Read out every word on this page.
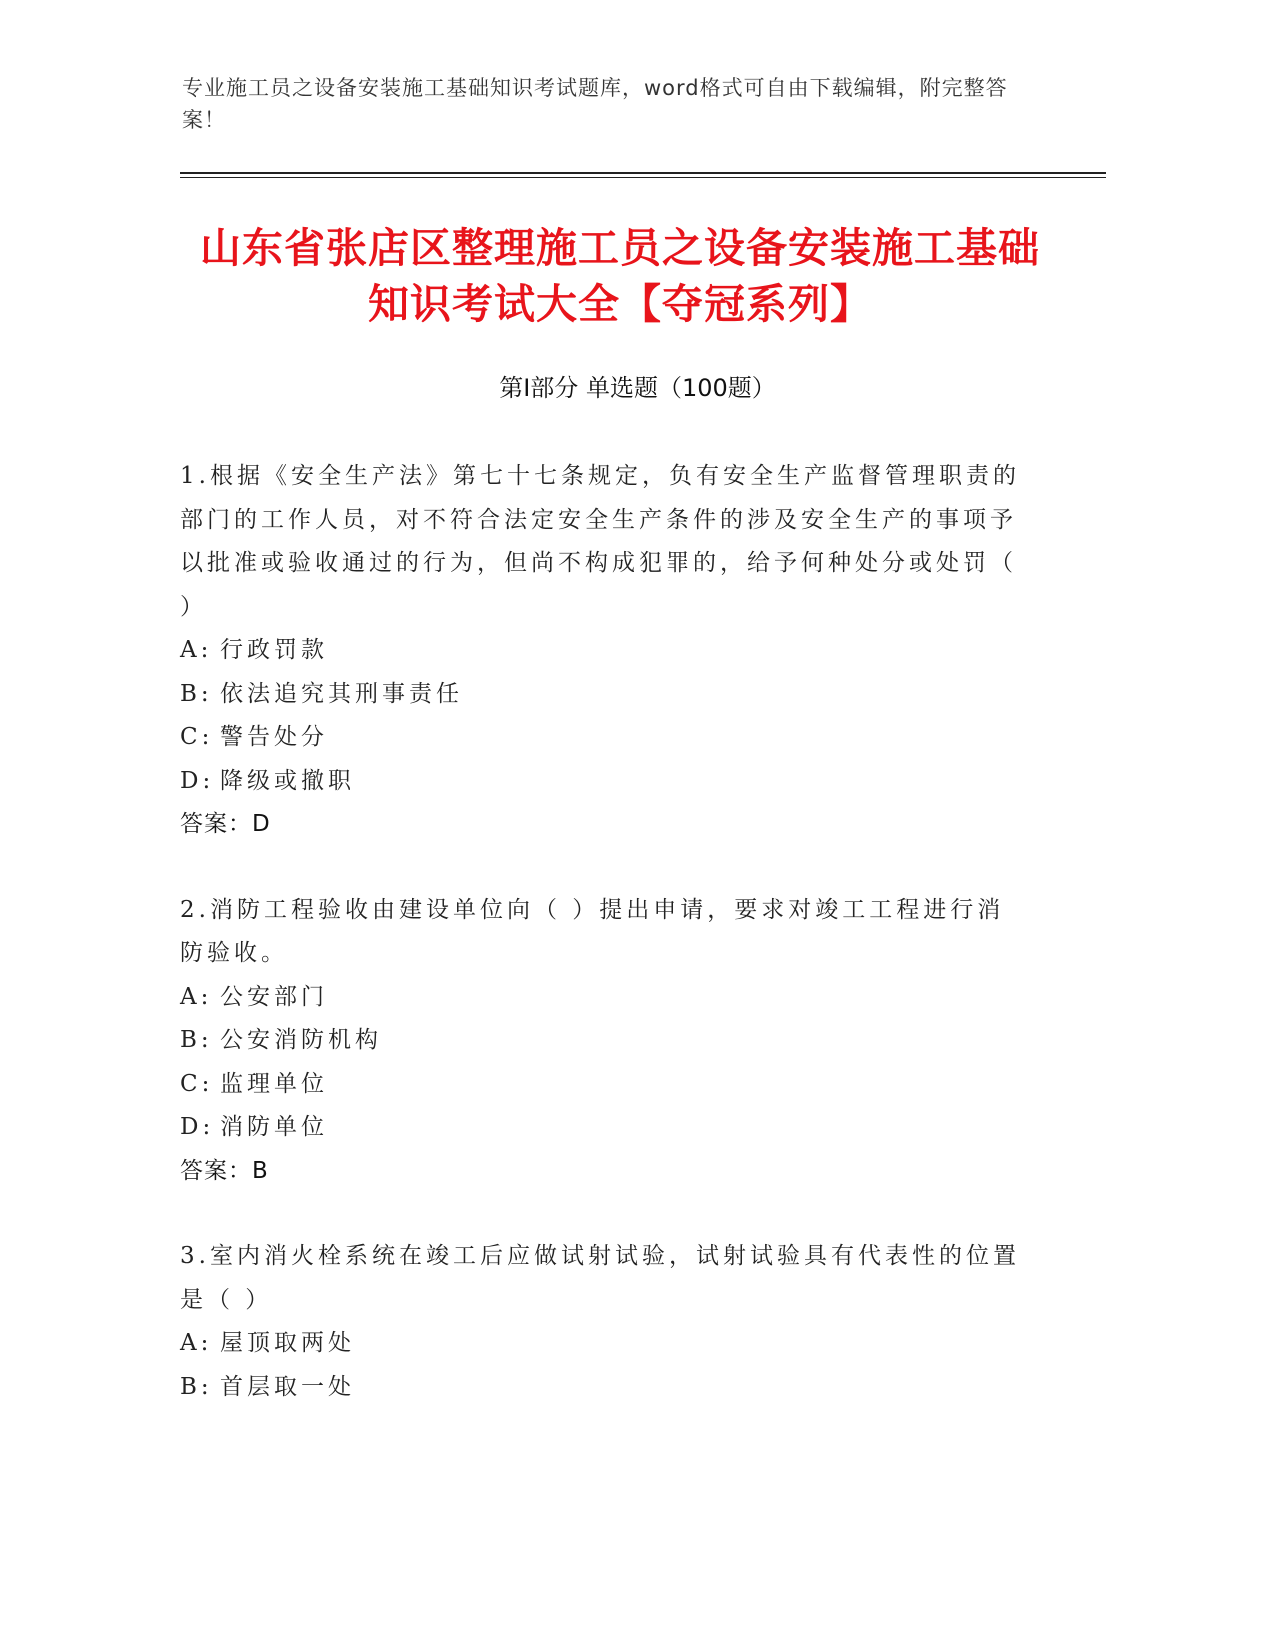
专业施工员之设备安装施工基础知识考试题库，word格式可自由下载编辑，附完整答案！
山东省张店区整理施工员之设备安装施工基础知识考试大全【夺冠系列】
第Ⅰ部分 单选题（100题）
1.根据《安全生产法》第七十七条规定，负有安全生产监督管理职责的部门的工作人员，对不符合法定安全生产条件的涉及安全生产的事项予以批准或验收通过的行为，但尚不构成犯罪的，给予何种处分或处罚（ ）
A: 行政罚款
B: 依法追究其刑事责任
C: 警告处分
D: 降级或撤职
答案：D
2.消防工程验收由建设单位向（ ）提出申请，要求对竣工工程进行消防验收。
A: 公安部门
B: 公安消防机构
C: 监理单位
D: 消防单位
答案：B
3.室内消火栓系统在竣工后应做试射试验，试射试验具有代表性的位置是（ ）
A: 屋顶取两处
B: 首层取一处
